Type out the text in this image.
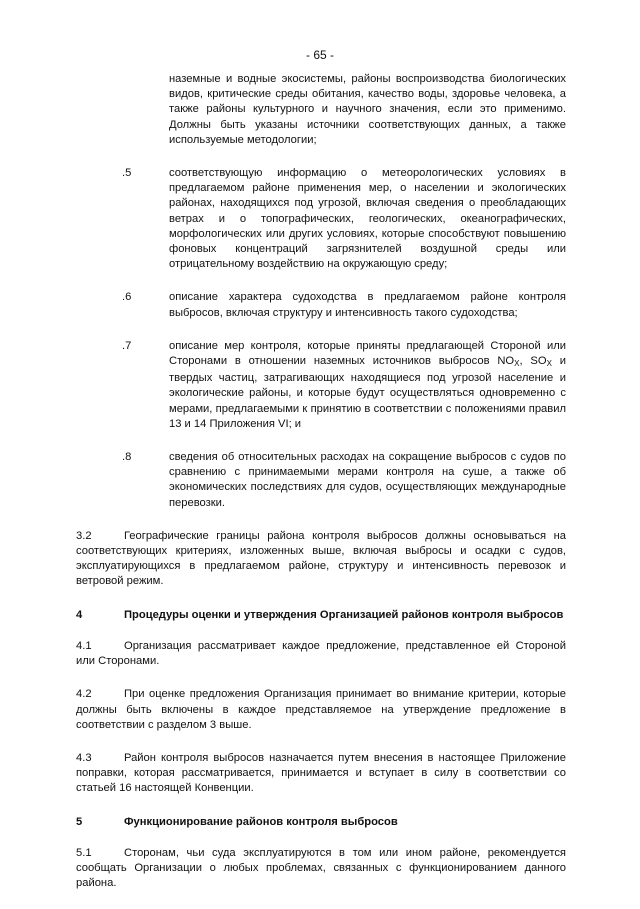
- 65 -
наземные и водные экосистемы, районы воспроизводства биологических видов, критические среды обитания, качество воды, здоровье человека, а также районы культурного и научного значения, если это применимо. Должны быть указаны источники соответствующих данных, а также используемые методологии;
.5	соответствующую информацию о метеорологических условиях в предлагаемом районе применения мер, о населении и экологических районах, находящихся под угрозой, включая сведения о преобладающих ветрах и о топографических, геологических, океанографических, морфологических или других условиях, которые способствуют повышению фоновых концентраций загрязнителей воздушной среды или отрицательному воздействию на окружающую среду;
.6	описание характера судоходства в предлагаемом районе контроля выбросов, включая структуру и интенсивность такого судоходства;
.7	описание мер контроля, которые приняты предлагающей Стороной или Сторонами в отношении наземных источников выбросов $NO_X$, $SO_X$ и твердых частиц, затрагивающих находящиеся под угрозой население и экологические районы, и которые будут осуществляться одновременно с мерами, предлагаемыми к принятию в соответствии с положениями правил 13 и 14 Приложения VI; и
.8	сведения об относительных расходах на сокращение выбросов с судов по сравнению с принимаемыми мерами контроля на суше, а также об экономических последствиях для судов, осуществляющих международные перевозки.
3.2	Географические границы района контроля выбросов должны основываться на соответствующих критериях, изложенных выше, включая выбросы и осадки с судов, эксплуатирующихся в предлагаемом районе, структуру и интенсивность перевозок и ветровой режим.
4	Процедуры оценки и утверждения Организацией районов контроля выбросов
4.1	Организация рассматривает каждое предложение, представленное ей Стороной или Сторонами.
4.2	При оценке предложения Организация принимает во внимание критерии, которые должны быть включены в каждое представляемое на утверждение предложение в соответствии с разделом 3 выше.
4.3	Район контроля выбросов назначается путем внесения в настоящее Приложение поправки, которая рассматривается, принимается и вступает в силу в соответствии со статьей 16 настоящей Конвенции.
5	Функционирование районов контроля выбросов
5.1	Сторонам, чьи суда эксплуатируются в том или ином районе, рекомендуется сообщать Организации о любых проблемах, связанных с функционированием данного района.
